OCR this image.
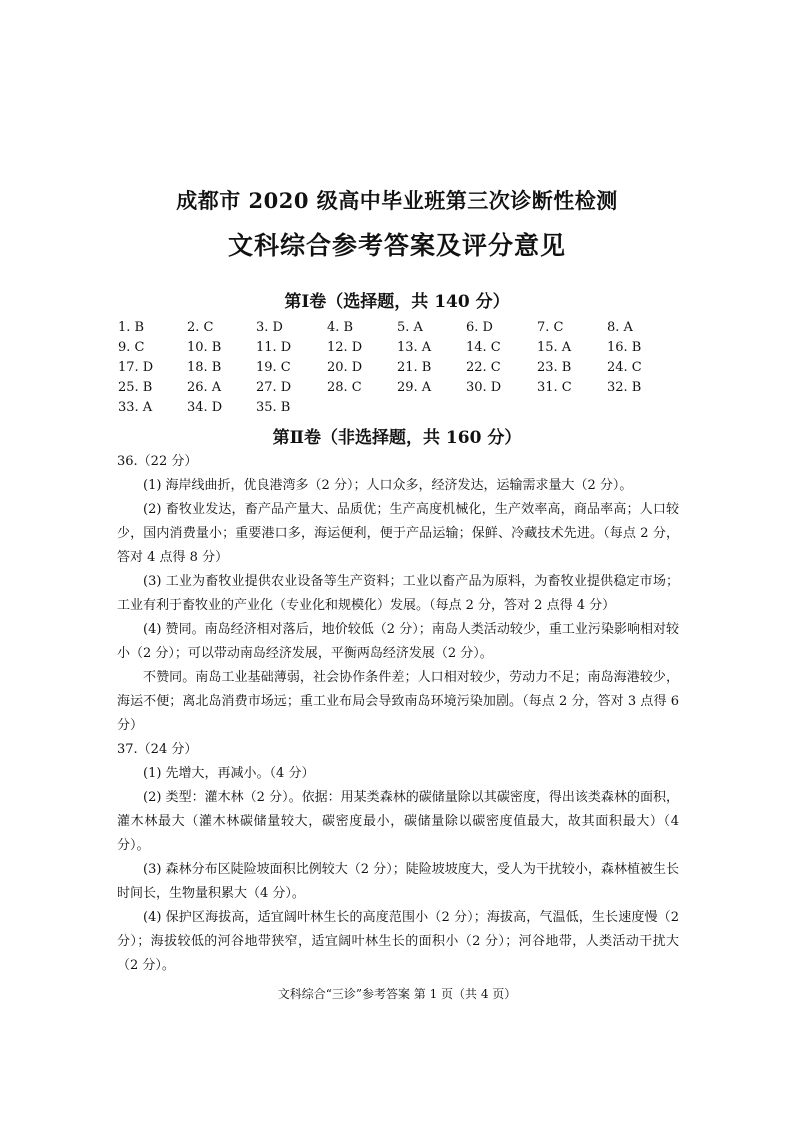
成都市 2020 级高中毕业班第三次诊断性检测
文科综合参考答案及评分意见
第Ⅰ卷（选择题，共 140 分）
1. B	2. C	3. D	4. B	5. A	6. D	7. C	8. A
9. C	10. B	11. D	12. D	13. A	14. C	15. A	16. B
17. D	18. B	19. C	20. D	21. B	22. C	23. B	24. C
25. B	26. A	27. D	28. C	29. A	30. D	31. C	32. B
33. A	34. D	35. B
第Ⅱ卷（非选择题，共 160 分）

36.（22 分）

(1) 海岸线曲折，优良港湾多（2 分）；人口众多，经济发达，运输需求量大（2 分）。

(2) 畜牧业发达，畜产品产量大、品质优；生产高度机械化，生产效率高，商品率高；人口较少，国内消费量小；重要港口多，海运便利，便于产品运输；保鲜、冷藏技术先进。（每点 2 分，答对 4 点得 8 分）

(3) 工业为畜牧业提供农业设备等生产资料；工业以畜产品为原料，为畜牧业提供稳定市场；工业有利于畜牧业的产业化（专业化和规模化）发展。（每点 2 分，答对 2 点得 4 分）

(4) 赞同。南岛经济相对落后，地价较低（2 分）；南岛人类活动较少，重工业污染影响相对较小（2 分）；可以带动南岛经济发展，平衡两岛经济发展（2 分）。

不赞同。南岛工业基础薄弱，社会协作条件差；人口相对较少，劳动力不足；南岛海港较少，海运不便；离北岛消费市场远；重工业布局会导致南岛环境污染加剧。（每点 2 分，答对 3 点得 6 分）

37.（24 分）

(1) 先增大，再减小。（4 分）

(2) 类型：灌木林（2 分）。依据：用某类森林的碳储量除以其碳密度，得出该类森林的面积，灌木林最大（灌木林碳储量较大，碳密度最小，碳储量除以碳密度值最大，故其面积最大）（4 分）。

(3) 森林分布区陡险坡面积比例较大（2 分）；陡险坡坡度大，受人为干扰较小，森林植被生长时间长，生物量积累大（4 分）。

(4) 保护区海拔高，适宜阔叶林生长的高度范围小（2 分）；海拔高，气温低，生长速度慢（2 分）；海拔较低的河谷地带狭窄，适宜阔叶林生长的面积小（2 分）；河谷地带，人类活动干扰大（2 分）。

文科综合“三诊”参考答案 第 1 页（共 4 页）
